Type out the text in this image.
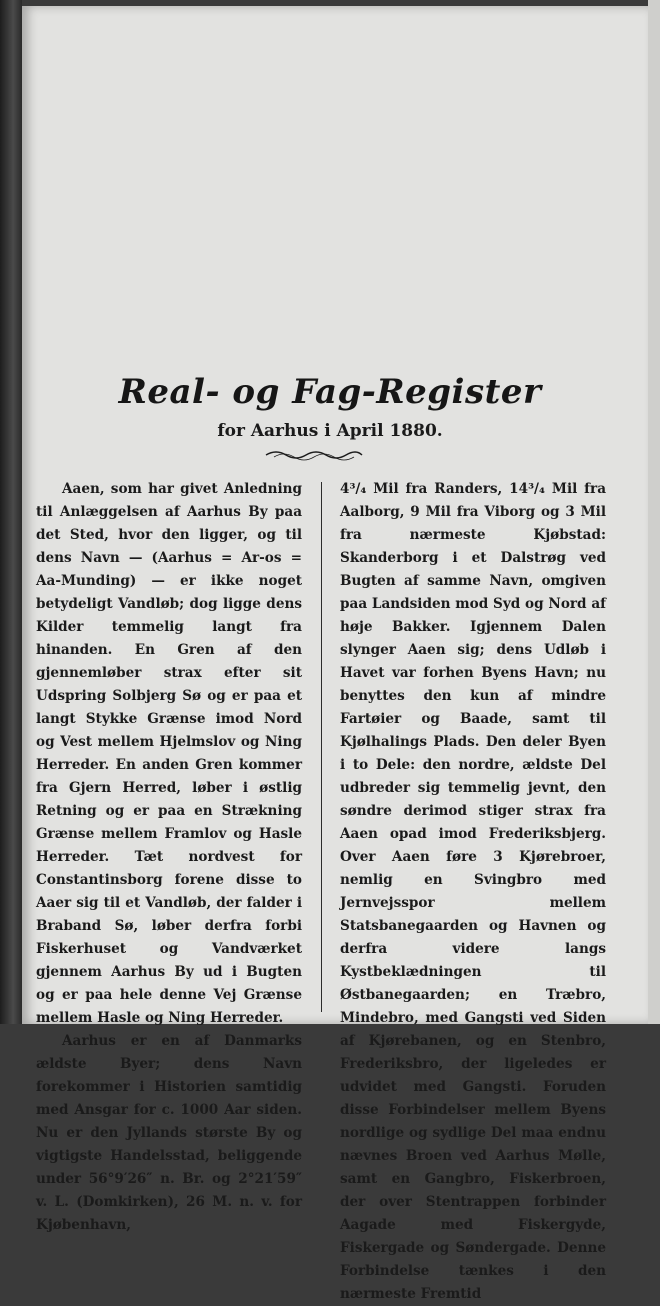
Real- og Fag-Register
for Aarhus i April 1880.

Aaen, som har givet Anledning til Anlæggelsen af Aarhus By paa det Sted, hvor den ligger, og til dens Navn — (Aarhus = Ar-os = Aa-Munding) — er ikke noget betydeligt Vandløb; dog ligge dens Kilder temmelig langt fra hinanden. En Gren af den gjennemløber strax efter sit Udspring Solbjerg Sø og er paa et langt Stykke Grænse imod Nord og Vest mellem Hjelmslov og Ning Herreder. En anden Gren kommer fra Gjern Herred, løber i østlig Retning og er paa en Strækning Grænse mellem Framlov og Hasle Herreder. Tæt nordvest for Constantinsborg forene disse to Aaer sig til et Vandløb, der falder i Braband Sø, løber derfra forbi Fiskerhuset og Vandværket gjennem Aarhus By ud i Bugten og er paa hele denne Vej Grænse mellem Hasle og Ning Herreder.

Aarhus er en af Danmarks ældste Byer; dens Navn forekommer i Historien samtidig med Ansgar for c. 1000 Aar siden. Nu er den Jyllands største By og vigtigste Handelsstad, beliggende under 56°9′26″ n. Br. og 2°21′59″ v. L. (Domkirken), 26 M. n. v. for Kjøbenhavn,

4³/₄ Mil fra Randers, 14³/₄ Mil fra Aalborg, 9 Mil fra Viborg og 3 Mil fra nærmeste Kjøbstad: Skanderborg i et Dalstrøg ved Bugten af samme Navn, omgiven paa Landsiden mod Syd og Nord af høje Bakker. Igjennem Dalen slynger Aaen sig; dens Udløb i Havet var forhen Byens Havn; nu benyttes den kun af mindre Fartøier og Baade, samt til Kjølhalings Plads. Den deler Byen i to Dele: den nordre, ældste Del udbreder sig temmelig jevnt, den søndre derimod stiger strax fra Aaen opad imod Frederiksbjerg. Over Aaen føre 3 Kjørebroer, nemlig en Svingbro med Jernvejsspor mellem Statsbanegaarden og Havnen og derfra videre langs Kystbeklædningen til Østbanegaarden; en Træbro, Mindebro, med Gangsti ved Siden af Kjørebanen, og en Stenbro, Frederiksbro, der ligeledes er udvidet med Gangsti. Foruden disse Forbindelser mellem Byens nordlige og sydlige Del maa endnu nævnes Broen ved Aarhus Mølle, samt en Gangbro, Fiskerbroen, der over Stentrappen forbinder Aagade med Fiskergyde, Fiskergade og Søndergade. Denne Forbindelse tænkes i den nærmeste Fremtid
